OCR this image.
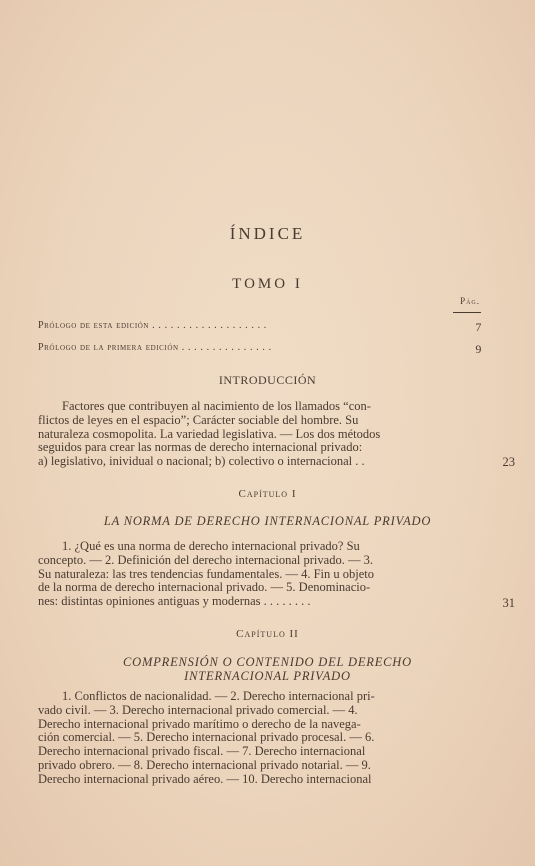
ÍNDICE
TOMO I
Pág.
Prólogo de esta edición . . . . . . . . . . . . . . . . . . .	7
Prólogo de la primera edición . . . . . . . . . . . . . . .	9
INTRODUCCIÓN

Factores que contribuyen al nacimiento de los llamados “con-

flictos de leyes en el espacio”; Carácter sociable del hombre. Su

naturaleza cosmopolita. La variedad legislativa. — Los dos métodos

seguidos para crear las normas de derecho internacional privado:

a) legislativo, inividual o nacional; b) colectivo o internacional . .	23
Capítulo I
LA NORMA DE DERECHO INTERNACIONAL PRIVADO

1. ¿Qué es una norma de derecho internacional privado? Su

concepto. — 2. Definición del derecho internacional privado. — 3.

Su naturaleza: las tres tendencias fundamentales. — 4. Fin u objeto

de la norma de derecho internacional privado. — 5. Denominacio-

nes: distintas opiniones antiguas y modernas . . . . . . . .	31
Capítulo II
COMPRENSIÓN O CONTENIDO DEL DERECHO
INTERNACIONAL PRIVADO

1. Conflictos de nacionalidad. — 2. Derecho internacional pri-

vado civil. — 3. Derecho internacional privado comercial. — 4.

Derecho internacional privado marítimo o derecho de la navega-

ción comercial. — 5. Derecho internacional privado procesal. — 6.

Derecho internacional privado fiscal. — 7. Derecho internacional

privado obrero. — 8. Derecho internacional privado notarial. — 9.

Derecho internacional privado aéreo. — 10. Derecho internacional
